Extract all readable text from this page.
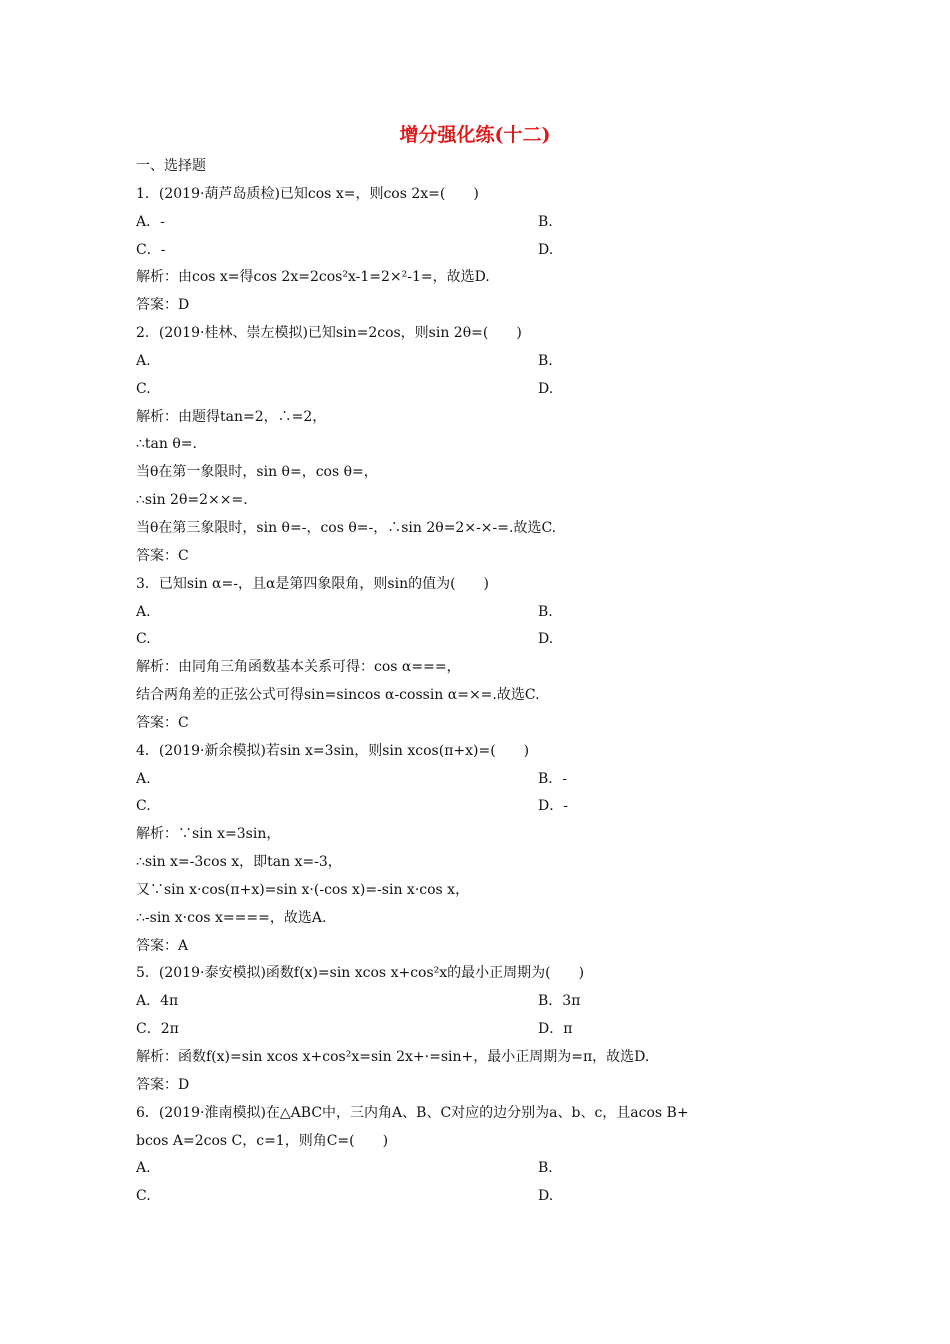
增分强化练(十二)
一、选择题
1．(2019·葫芦岛质检)已知cos x=，则cos 2x=(　　)
A．-	B.
C．-	D.
解析：由cos x=得cos 2x=2cos²x-1=2×²-1=，故选D.
答案：D
2．(2019·桂林、崇左模拟)已知sin=2cos，则sin 2θ=(　　)
A.	B.
C.	D.
解析：由题得tan=2，∴=2，
∴tan θ=.
当θ在第一象限时，sin θ=，cos θ=，
∴sin 2θ=2××=.
当θ在第三象限时，sin θ=-，cos θ=-，∴sin 2θ=2×-×-=.故选C.
答案：C
3．已知sin α=-，且α是第四象限角，则sin的值为(　　)
A.	B.
C.	D.
解析：由同角三角函数基本关系可得：cos α===，
结合两角差的正弦公式可得sin=sincos α-cossin α=×=.故选C.
答案：C
4．(2019·新余模拟)若sin x=3sin，则sin xcos(π+x)=(　　)
A.	B．-
C.	D．-
解析：∵sin x=3sin，
∴sin x=-3cos x，即tan x=-3，
又∵sin x·cos(π+x)=sin x·(-cos x)=-sin x·cos x，
∴-sin x·cos x====，故选A.
答案：A
5．(2019·泰安模拟)函数f(x)=sin xcos x+cos²x的最小正周期为(　　)
A．4π	B．3π
C．2π	D．π
解析：函数f(x)=sin xcos x+cos²x=sin 2x+·=sin+，最小正周期为=π，故选D.
答案：D
6．(2019·淮南模拟)在△ABC中，三内角A、B、C对应的边分别为a、b、c，且acos B+
bcos A=2cos C，c=1，则角C=(　　)
A.	B.
C.	D.
